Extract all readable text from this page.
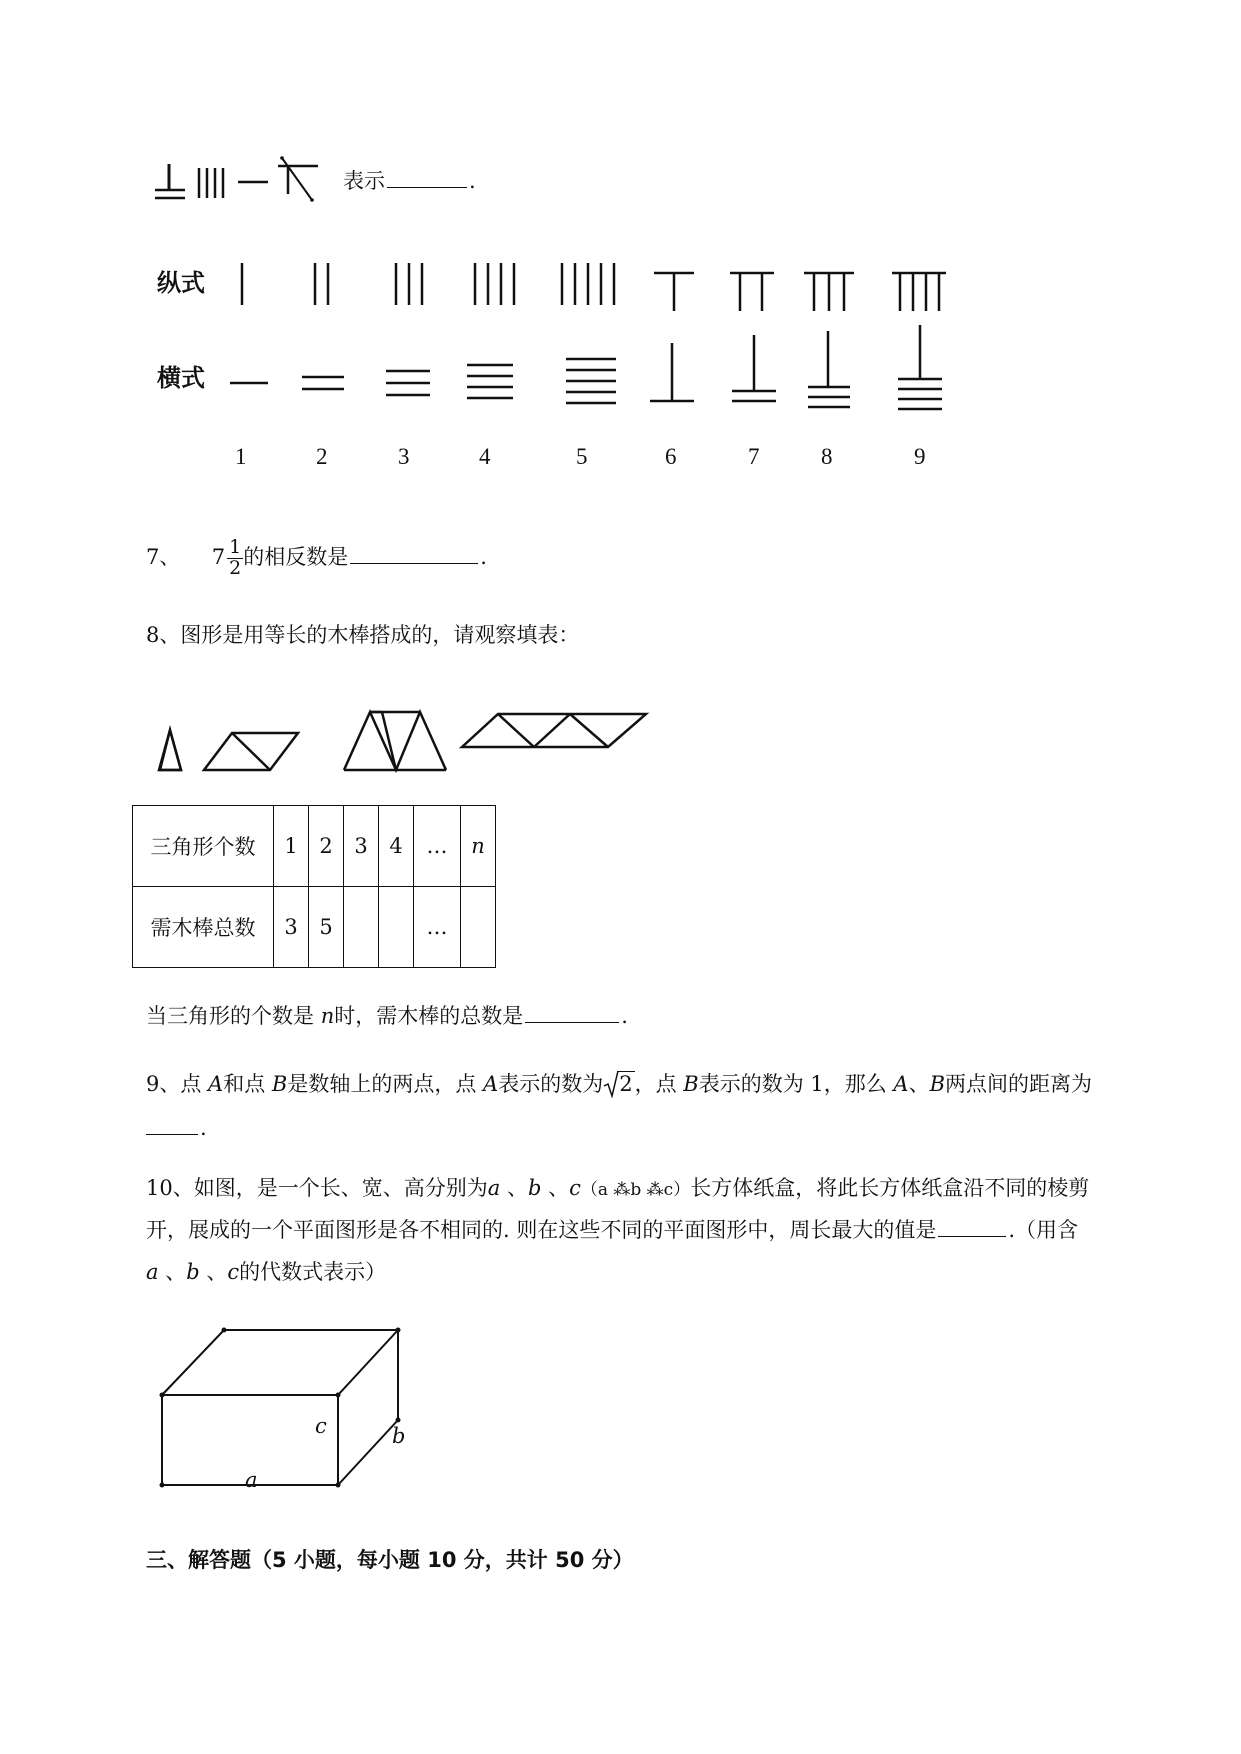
表示	.
纵式
横式
1	2	3	4	5	6	7	8	9
7、 $7 \frac{1}{2}$ 的相反数是	.
8、图形是用等长的木棒搭成的，请观察填表：
三角形个数	1	2	3	4	…	n
需木棒总数	3	5			…	
当三角形的个数是 n时，需木棒的总数是	.
9、点 A和点 B是数轴上的两点，点 A表示的数为 2，点 B表示的数为 1，那么 A、B两点间的距离为
.
10、如图，是一个长、宽、高分别为a 、b 、c（a ⁂b ⁂c）长方体纸盒，将此长方体纸盒沿不同的棱剪
开，展成的一个平面图形是各不相同的. 则在这些不同的平面图形中，周长最大的值是	.（用含
a 、b 、c的代数式表示）
c	b
a
三、解答题（5 小题，每小题 10 分，共计 50 分）
